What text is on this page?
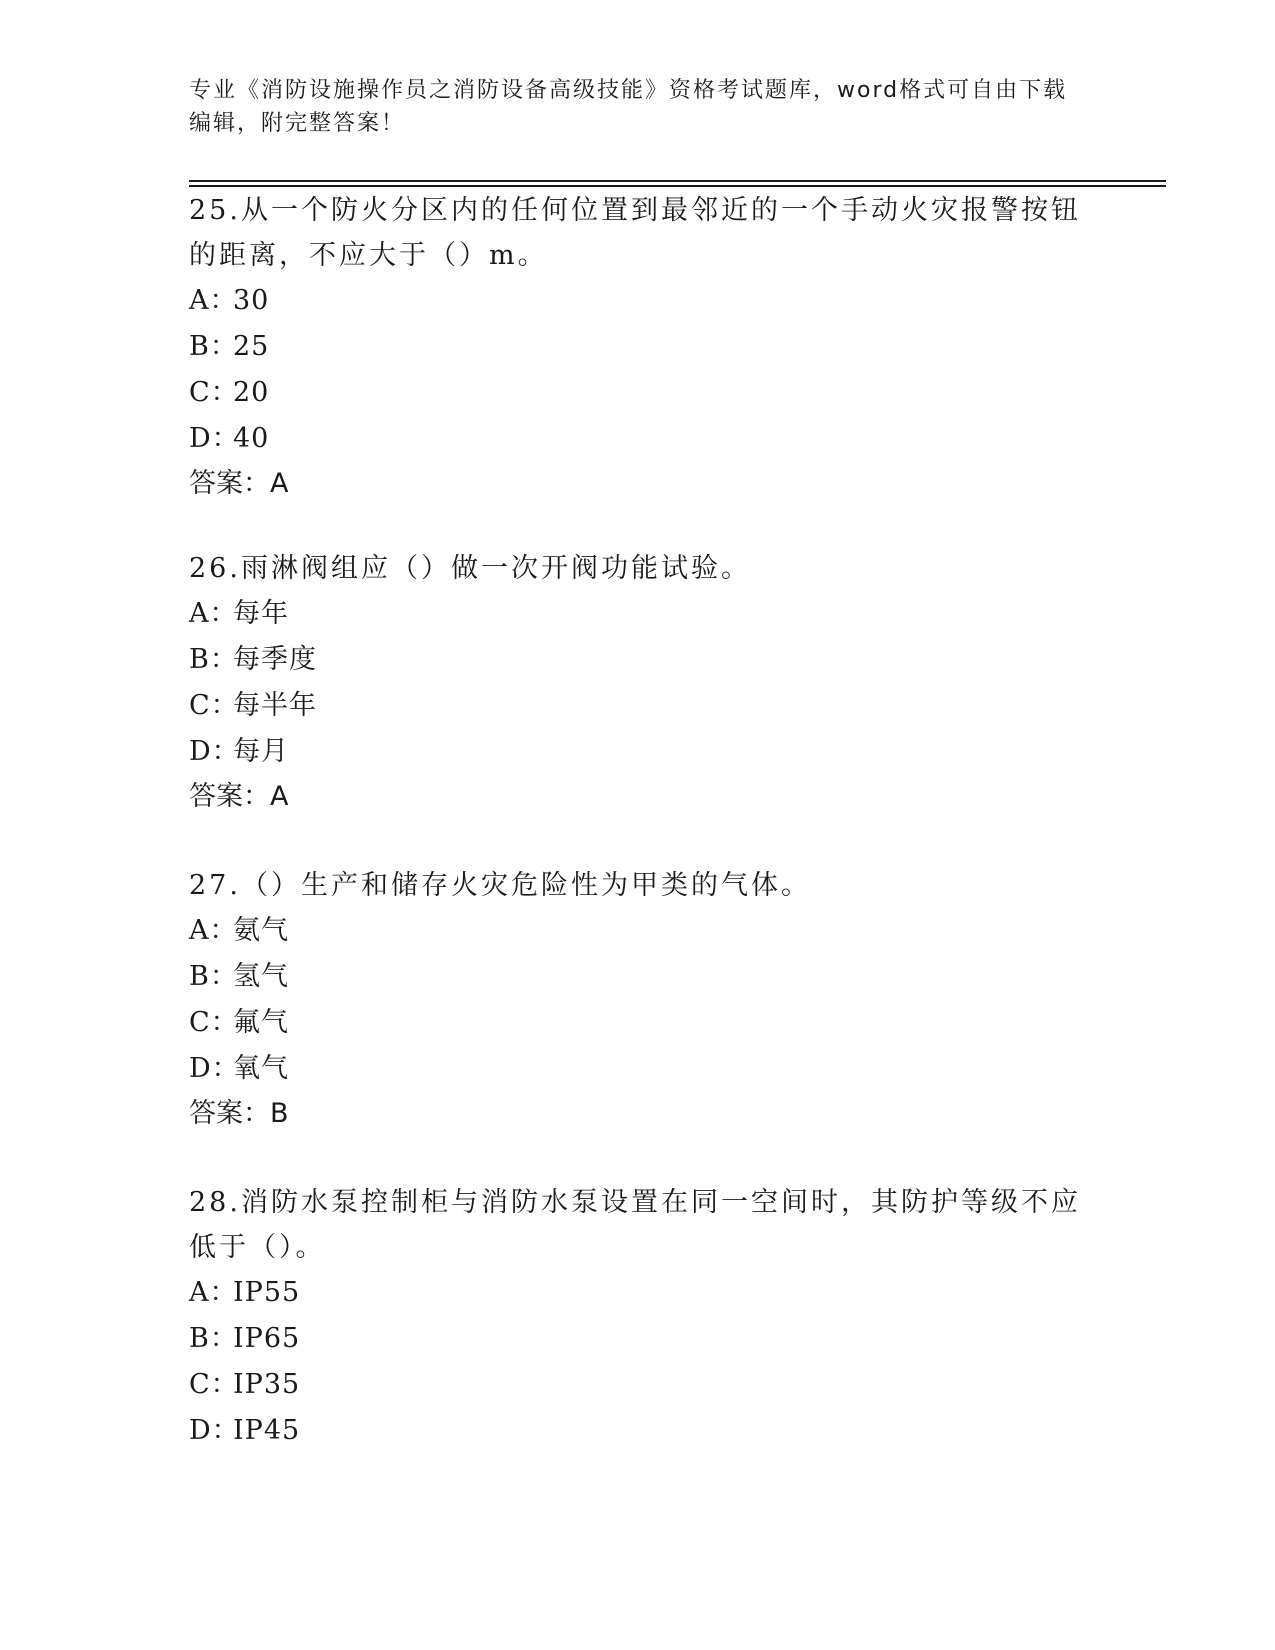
专业《消防设施操作员之消防设备高级技能》资格考试题库，word格式可自由下载编辑，附完整答案！

25.从一个防火分区内的任何位置到最邻近的一个手动火灾报警按钮的距离，不应大于（）m。

A：30

B：25

C：20

D：40

答案：A

26.雨淋阀组应（）做一次开阀功能试验。

A：每年

B：每季度

C：每半年

D：每月

答案：A

27.（）生产和储存火灾危险性为甲类的气体。

A：氨气

B：氢气

C：氟气

D：氧气

答案：B

28.消防水泵控制柜与消防水泵设置在同一空间时，其防护等级不应低于（）。

A：IP55

B：IP65

C：IP35

D：IP45
